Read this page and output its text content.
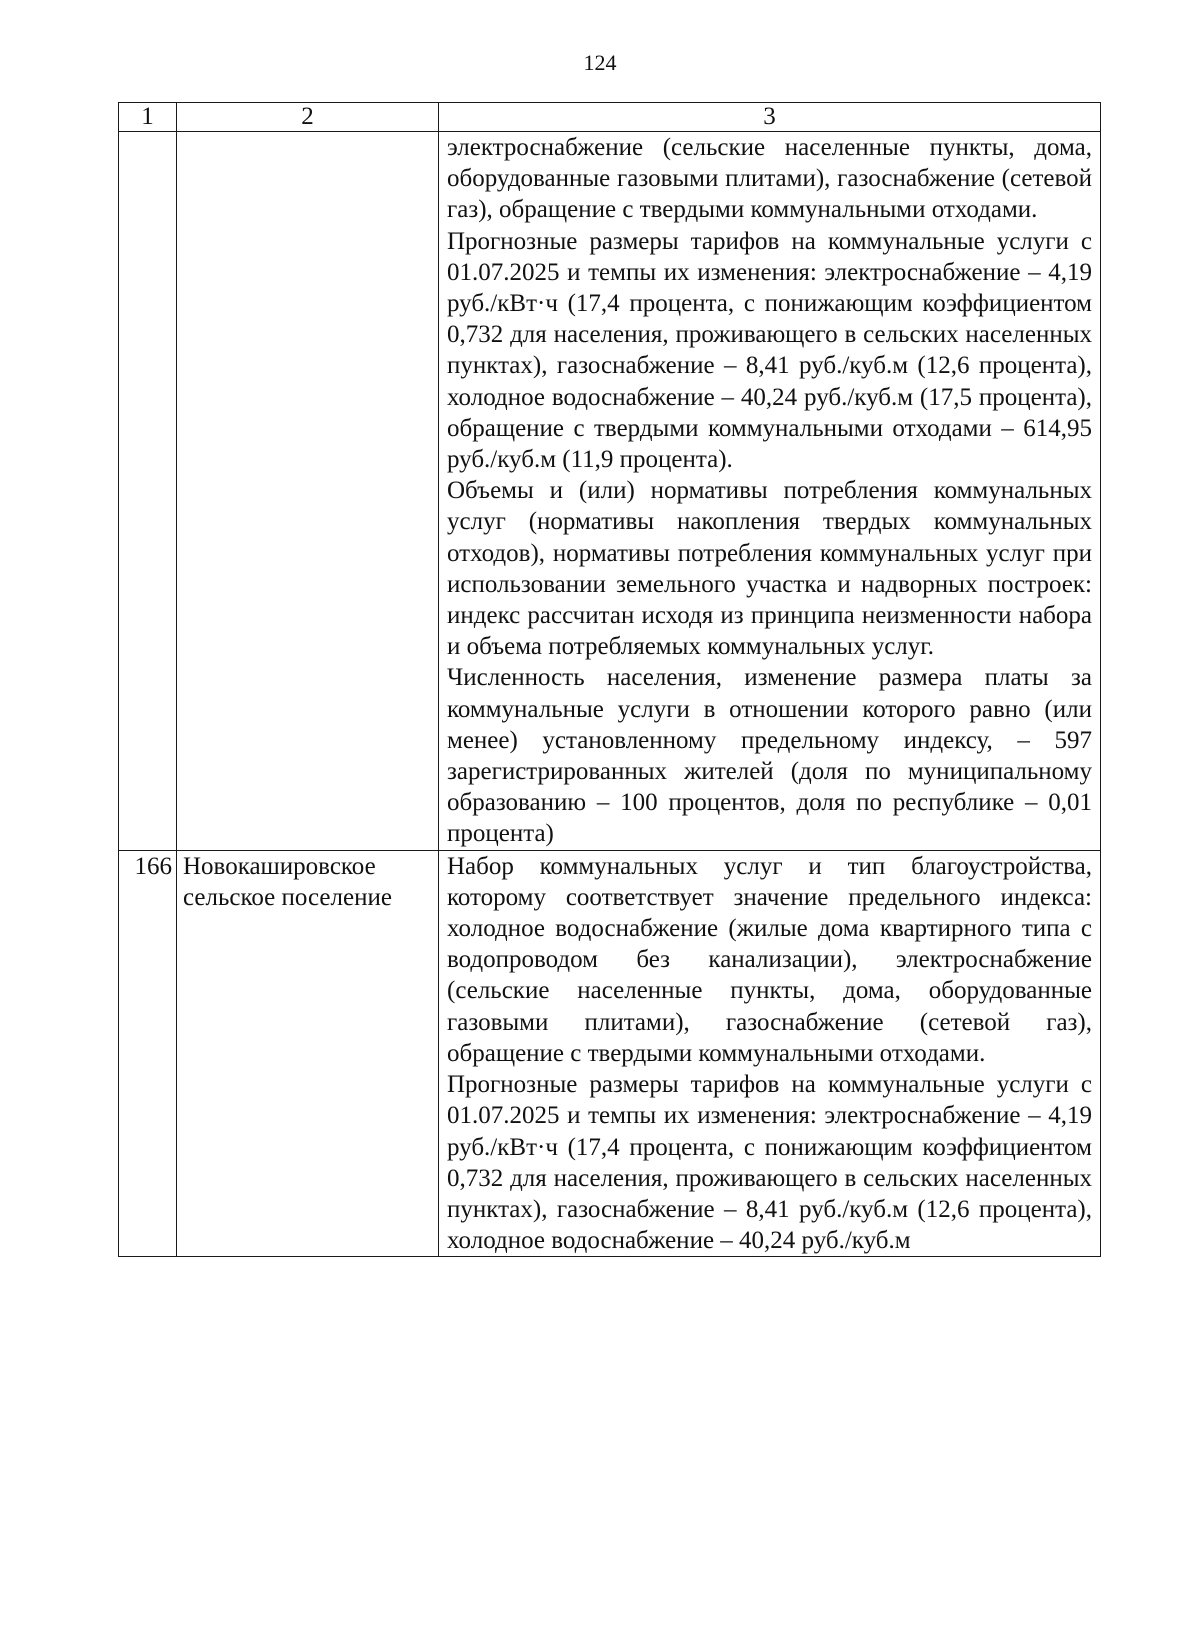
124
1	2	3

		электроснабжение (сельские населенные пункты, дома, оборудованные газовыми плитами), газоснабжение (сетевой газ), обращение с твердыми коммунальными отходами.

Прогнозные размеры тарифов на коммунальные услуги с 01.07.2025 и темпы их изменения: электроснабжение – 4,19 руб./кВт·ч (17,4 процента, с понижающим коэффициентом 0,732 для населения, проживающего в сельских населенных пунктах), газоснабжение – 8,41 руб./куб.м (12,6 процента), холодное водоснабжение – 40,24 руб./куб.м (17,5 процента), обращение с твердыми коммунальными отходами – 614,95 руб./куб.м (11,9 процента).

Объемы и (или) нормативы потребления коммунальных услуг (нормативы накопления твердых коммунальных отходов), нормативы потребления коммунальных услуг при использовании земельного участка и надворных построек: индекс рассчитан исходя из принципа неизменности набора и объема потребляемых коммунальных услуг.

Численность населения, изменение размера платы за коммунальные услуги в отношении которого равно (или менее) установленному предельному индексу, – 597 зарегистрированных жителей (доля по муниципальному образованию – 100 процентов, доля по республике – 0,01 процента)

166	Новокашировское сельское поселение	Набор коммунальных услуг и тип благоустройства, которому соответствует значение предельного индекса: холодное водоснабжение (жилые дома квартирного типа с водопроводом без канализации), электроснабжение (сельские населенные пункты, дома, оборудованные газовыми плитами), газоснабжение (сетевой газ), обращение с твердыми коммунальными отходами.

Прогнозные размеры тарифов на коммунальные услуги с 01.07.2025 и темпы их изменения: электроснабжение – 4,19 руб./кВт·ч (17,4 процента, с понижающим коэффициентом 0,732 для населения, проживающего в сельских населенных пунктах), газоснабжение – 8,41 руб./куб.м (12,6 процента), холодное водоснабжение – 40,24 руб./куб.м
